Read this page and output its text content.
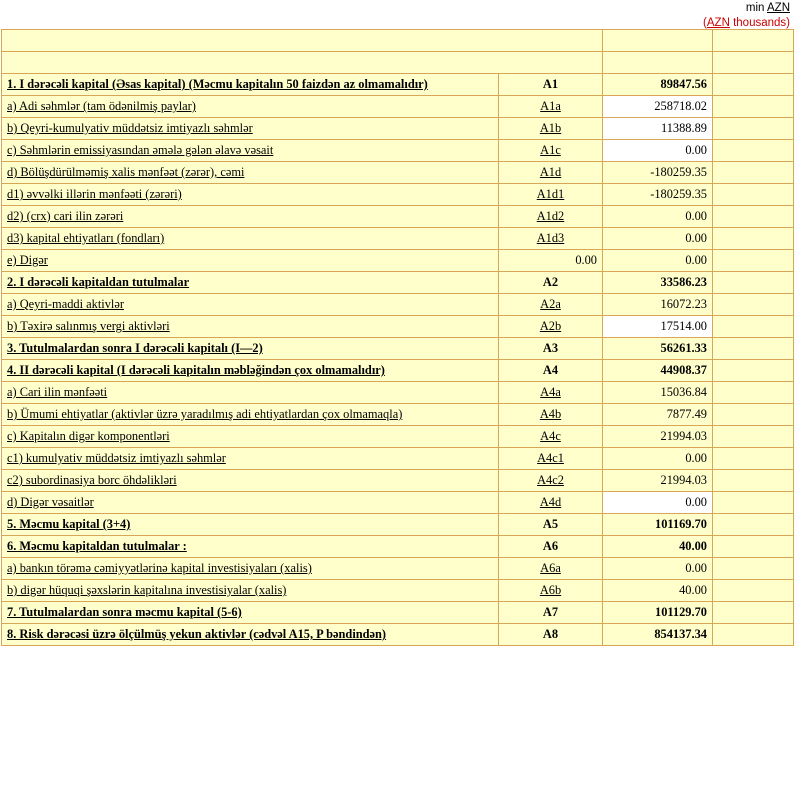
min AZN
(AZN thousands)

1. I dərəcəli kapital (Əsas kapital) (Məcmu kapitalın 50 faizdən az olmamalıdır)	A1	89847.56	

a) Adi səhmlər (tam ödənilmiş paylar)	A1a	258718.02	

b) Qeyri-kumulyativ müddətsiz imtiyazlı səhmlər	A1b	11388.89	

c) Səhmlərin emissiyasından əmələ gələn əlavə vəsait	A1c	0.00	

d) Bölüşdürülməmiş xalis mənfəət (zərər), cəmi	A1d	-180259.35	

d1) əvvəlki illərin mənfəəti (zərəri)	A1d1	-180259.35	

d2) (crx) cari ilin zərəri	A1d2	0.00	

d3) kapital ehtiyatları (fondları)	A1d3	0.00	

e) Digər	0.00	0.00	

2. I dərəcəli kapitaldan tutulmalar	A2	33586.23	

a) Qeyri-maddi aktivlər	A2a	16072.23	

b) Təxirə salınmış vergi aktivləri	A2b	17514.00	

3. Tutulmalardan sonra I dərəcəli kapitalı (I—2)	A3	56261.33	

4. II dərəcəli kapital (I dərəcəli kapitalın məbləğindən çox olmamalıdır)	A4	44908.37	

a) Cari ilin mənfəəti	A4a	15036.84	

b) Ümumi ehtiyatlar (aktivlər üzrə yaradılmış adi ehtiyatlardan çox olmamaqla)	A4b	7877.49	

c) Kapitalın digər komponentləri	A4c	21994.03	

c1) kumulyativ müddətsiz imtiyazlı səhmlər	A4c1	0.00	

c2) subordinasiya borc öhdəlikləri	A4c2	21994.03	

d) Digər vəsaitlər	A4d	0.00	

5. Məcmu kapital (3+4)	A5	101169.70	

6. Məcmu kapitaldan tutulmalar :	A6	40.00	

a) bankın törəmə cəmiyyətlərinə kapital investisiyaları (xalis)	A6a	0.00	

b) digər hüquqi şəxslərin kapitalına investisiyalar (xalis)	A6b	40.00	

7. Tutulmalardan sonra məcmu kapital (5-6)	A7	101129.70	

8. Risk dərəcəsi üzrə ölçülmüş yekun aktivlər (cədvəl A15, P bəndindən)	A8	854137.34	
